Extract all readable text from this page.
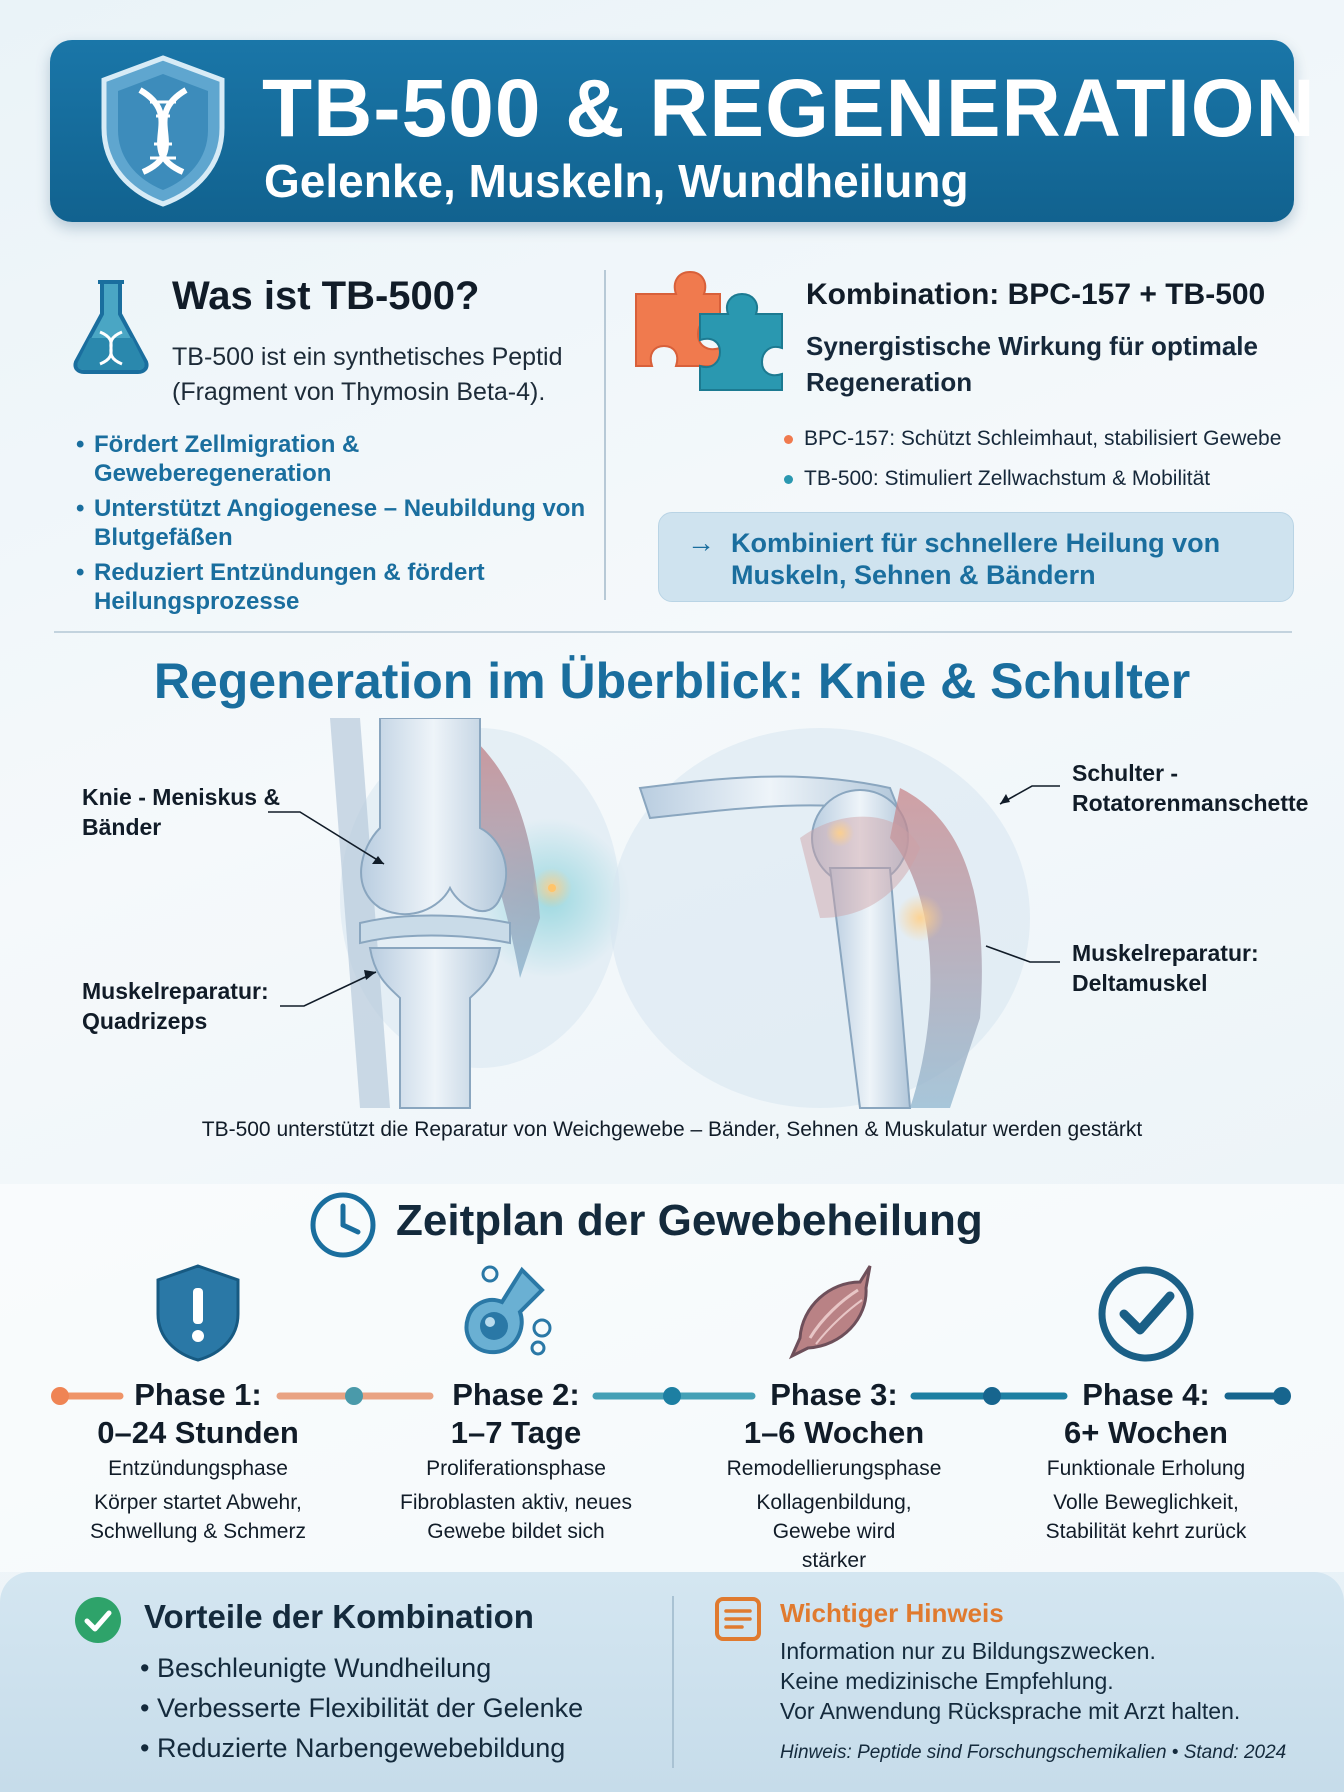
TB-500 & REGENERATION
Gelenke, Muskeln, Wundheilung
Was ist TB-500?
TB-500 ist ein synthetisches Peptid (Fragment von Thymosin Beta-4).
• Fördert Zellmigration & Geweberegeneration
• Unterstützt Angiogenese – Neubildung von Blutgefäßen
• Reduziert Entzündungen & fördert Heilungsprozesse
Kombination: BPC-157 + TB-500
Synergistische Wirkung für optimale Regeneration
BPC-157: Schützt Schleimhaut, stabilisiert Gewebe
TB-500: Stimuliert Zellwachstum & Mobilität
→ Kombiniert für schnellere Heilung von Muskeln, Sehnen & Bändern
Regeneration im Überblick: Knie & Schulter
Knie - Meniskus & Bänder
Muskelreparatur: Quadrizeps
Schulter - Rotatorenmanschette
Muskelreparatur: Deltamuskel
TB-500 unterstützt die Reparatur von Weichgewebe – Bänder, Sehnen & Muskulatur werden gestärkt
Zeitplan der Gewebeheilung
Phase 1:
0–24 Stunden
Entzündungsphase
Körper startet Abwehr, Schwellung & Schmerz
Phase 2:
1–7 Tage
Proliferationsphase
Fibroblasten aktiv, neues Gewebe bildet sich
Phase 3:
1–6 Wochen
Remodellierungsphase
Kollagenbildung, Gewebe wird stärker
Phase 4:
6+ Wochen
Funktionale Erholung
Volle Beweglichkeit, Stabilität kehrt zurück
Vorteile der Kombination
• Beschleunigte Wundheilung
• Verbesserte Flexibilität der Gelenke
• Reduzierte Narbengewebebildung
Wichtiger Hinweis
Information nur zu Bildungszwecken.
Keine medizinische Empfehlung.
Vor Anwendung Rücksprache mit Arzt halten.
Hinweis: Peptide sind Forschungschemikalien • Stand: 2024
